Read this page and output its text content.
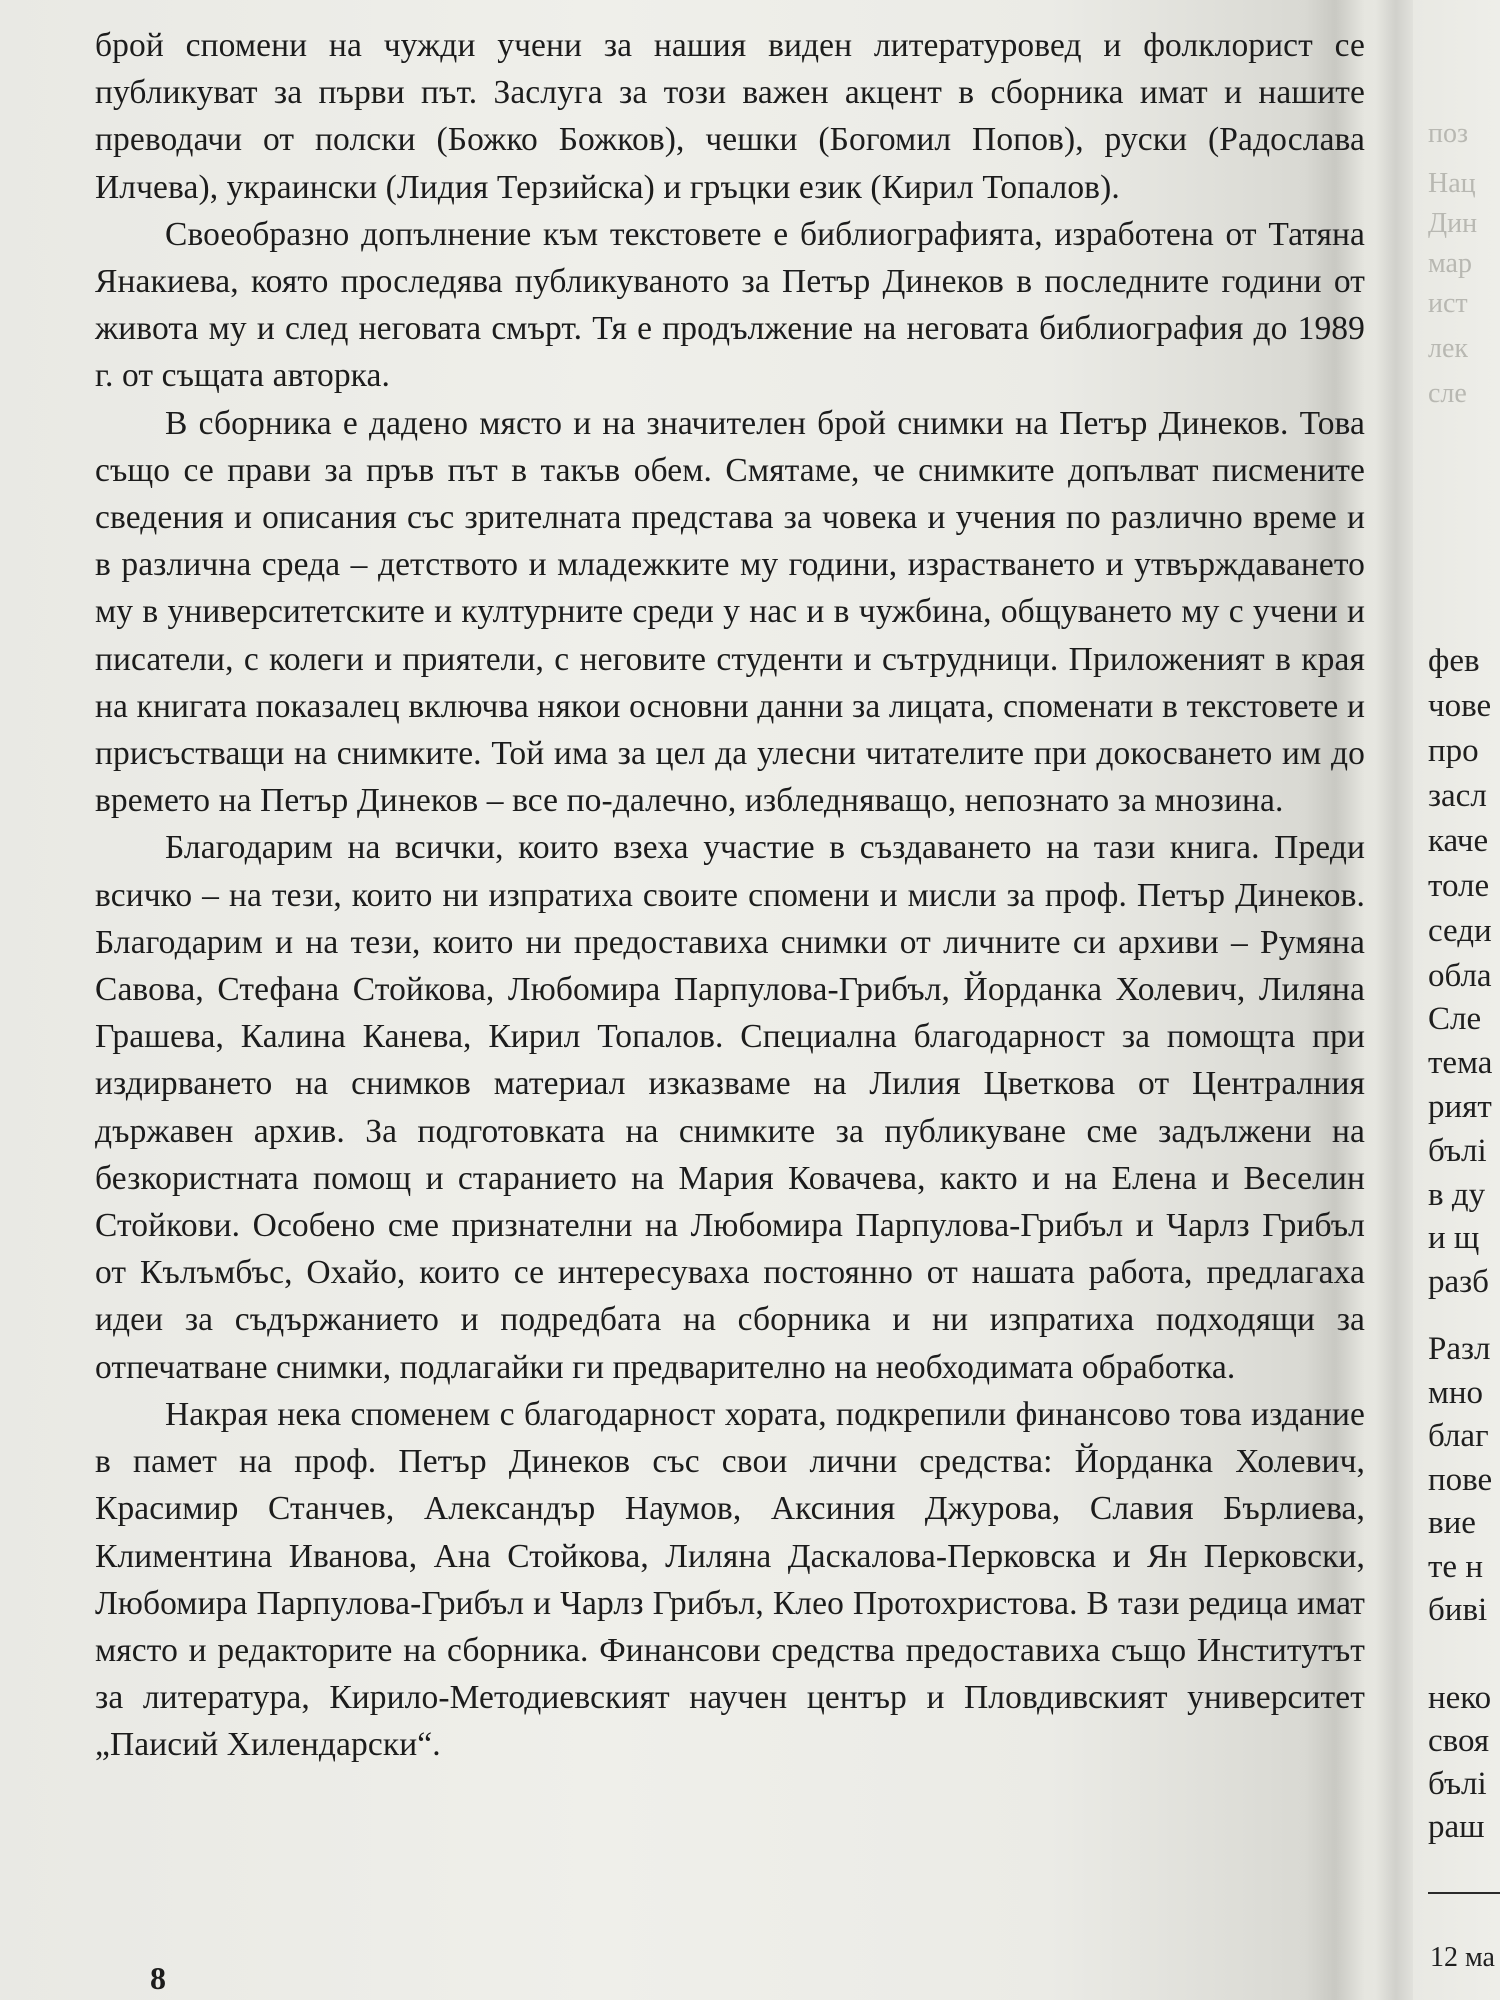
брой спомени на чужди учени за нашия виден литературовед и фолклорист се публикуват за първи път. Заслуга за този важен акцент в сборника имат и нашите преводачи от полски (Божко Божков), чешки (Богомил Попов), руски (Радослава Илчева), украински (Лидия Терзийска) и гръцки език (Кирил Топалов).

Своеобразно допълнение към текстовете е библиографията, изработена от Татяна Янакиева, която проследява публикуваното за Петър Динеков в последните години от живота му и след неговата смърт. Тя е продължение на неговата библиография до 1989 г. от същата авторка.

В сборника е дадено място и на значителен брой снимки на Петър Динеков. Това също се прави за пръв път в такъв обем. Смятаме, че снимките допълват писмените сведения и описания със зрителната представа за човека и учения по различно време и в различна среда – детството и младежките му години, израстването и утвърждаването му в университетските и културните среди у нас и в чужбина, общуването му с учени и писатели, с колеги и приятели, с неговите студенти и сътрудници. Приложеният в края на книгата показалец включва някои основни данни за лицата, споменати в текстовете и присъстващи на снимките. Той има за цел да улесни читателите при докосването им до времето на Петър Динеков – все по-далечно, избледняващо, непознато за мнозина.

Благодарим на всички, които взеха участие в създаването на тази книга. Преди всичко – на тези, които ни изпратиха своите спомени и мисли за проф. Петър Динеков. Благодарим и на тези, които ни предоставиха снимки от личните си архиви – Румяна Савова, Стефана Стойкова, Любомира Парпулова-Грибъл, Йорданка Холевич, Лиляна Грашева, Калина Канева, Кирил Топалов. Специална благодарност за помощта при издирването на снимков материал изказваме на Лилия Цветкова от Централния държавен архив. За подготовката на снимките за публикуване сме задължени на безкористната помощ и старанието на Мария Ковачева, както и на Елена и Веселин Стойкови. Особено сме признателни на Любомира Парпулова-Грибъл и Чарлз Грибъл от Кълъмбъс, Охайо, които се интересуваха постоянно от нашата работа, предлагаха идеи за съдържанието и подредбата на сборника и ни изпратиха подходящи за отпечатване снимки, подлагайки ги предварително на необходимата обработка.

Накрая нека споменем с благодарност хората, подкрепили финансово това издание в памет на проф. Петър Динеков със свои лични средства: Йорданка Холевич, Красимир Станчев, Александър Наумов, Аксиния Джурова, Славия Бърлиева, Климентина Иванова, Ана Стойкова, Лиляна Даскалова-Перковска и Ян Перковски, Любомира Парпулова-Грибъл и Чарлз Грибъл, Клео Протохристова. В тази редица имат място и редакторите на сборника. Финансови средства предоставиха също Институтът за литература, Кирило-Методиевският научен център и Пловдивският университет „Паисий Хилендарски“.

8
поз
Нац
Дин
мар
ист
лек
сле
фев
чове
про
засл
каче
толе
седи
обла
Сле
тема
рият
бълі
в ду
и щ
разб
Разл
мно
благ
пове
вие
те н
биві
неко
своя
бълі
раш
12 ма
